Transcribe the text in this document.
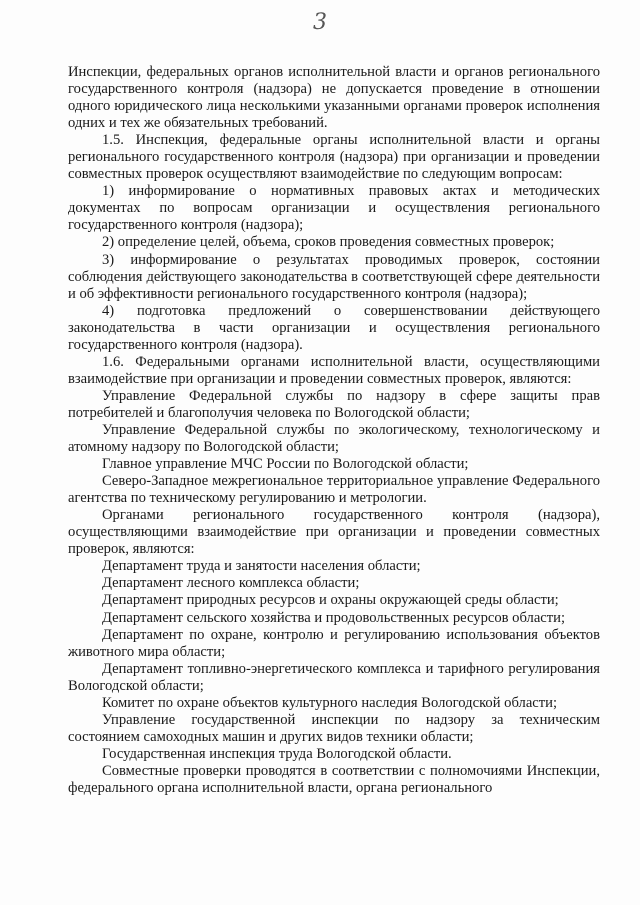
3

Инспекции, федеральных органов исполнительной власти и органов регионального государственного контроля (надзора) не допускается проведение в отношении одного юридического лица несколькими указанными органами проверок исполнения одних и тех же обязательных требований.

1.5. Инспекция, федеральные органы исполнительной власти и органы регионального государственного контроля (надзора) при организации и проведении совместных проверок осуществляют взаимодействие по следующим вопросам:

1) информирование о нормативных правовых актах и методических документах по вопросам организации и осуществления регионального государственного контроля (надзора);

2) определение целей, объема, сроков проведения совместных проверок;

3) информирование о результатах проводимых проверок, состоянии соблюдения действующего законодательства в соответствующей сфере деятельности и об эффективности регионального государственного контроля (надзора);

4) подготовка предложений о совершенствовании действующего законодательства в части организации и осуществления регионального государственного контроля (надзора).

1.6. Федеральными органами исполнительной власти, осуществляющими взаимодействие при организации и проведении совместных проверок, являются:

Управление Федеральной службы по надзору в сфере защиты прав потребителей и благополучия человека по Вологодской области;

Управление Федеральной службы по экологическому, технологическому и атомному надзору по Вологодской области;

Главное управление МЧС России по Вологодской области;

Северо-Западное межрегиональное территориальное управление Федерального агентства по техническому регулированию и метрологии.

Органами регионального государственного контроля (надзора), осуществляющими взаимодействие при организации и проведении совместных проверок, являются:

Департамент труда и занятости населения области;

Департамент лесного комплекса области;

Департамент природных ресурсов и охраны окружающей среды области;

Департамент сельского хозяйства и продовольственных ресурсов области;

Департамент по охране, контролю и регулированию использования объектов животного мира области;

Департамент топливно-энергетического комплекса и тарифного регулирования Вологодской области;

Комитет по охране объектов культурного наследия Вологодской области;

Управление государственной инспекции по надзору за техническим состоянием самоходных машин и других видов техники области;

Государственная инспекция труда Вологодской области.

Совместные проверки проводятся в соответствии с полномочиями Инспекции, федерального органа исполнительной власти, органа регионального
